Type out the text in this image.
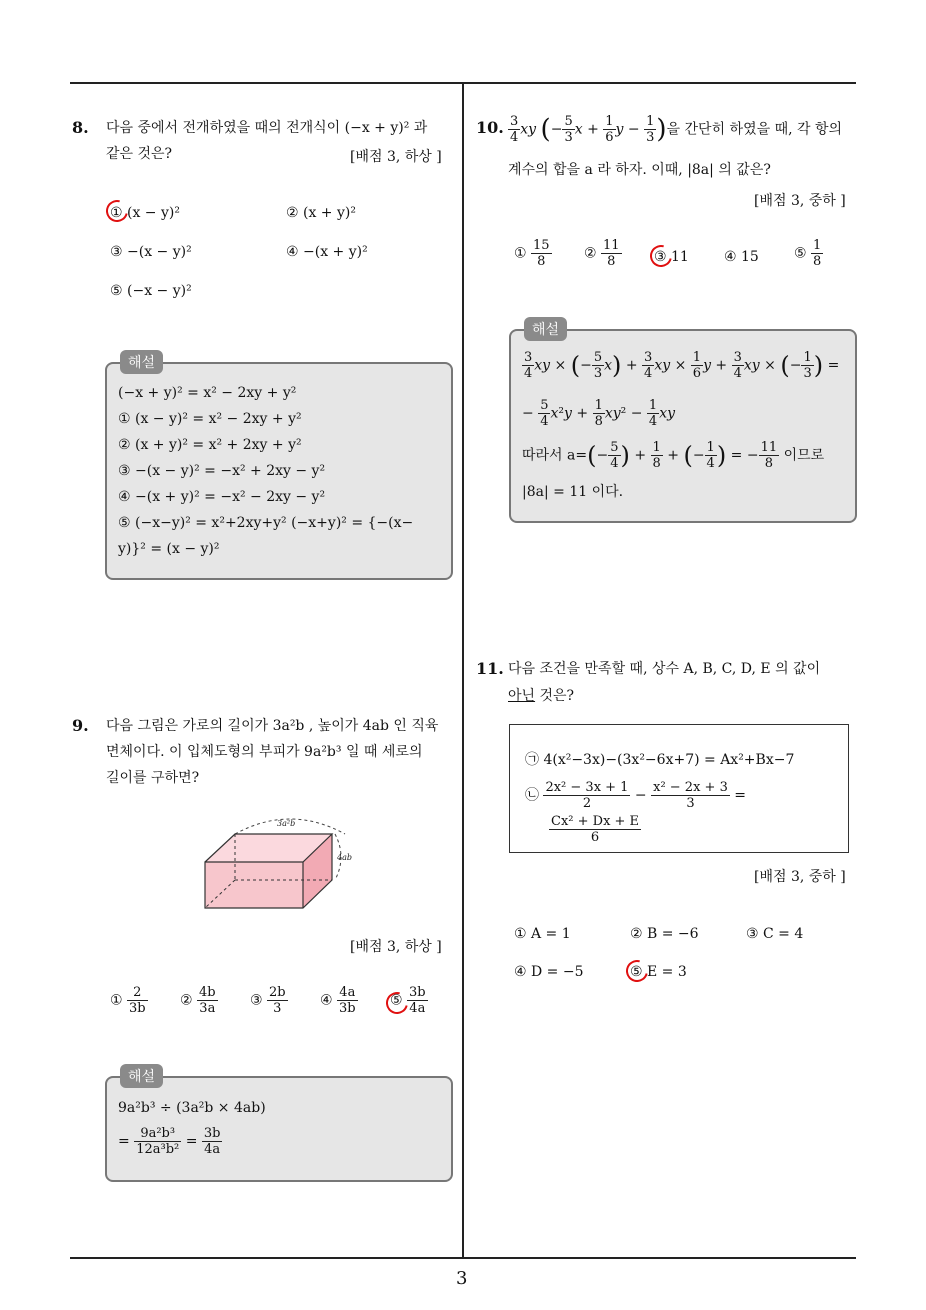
3
8. 다음 중에서 전개하였을 때의 전개식이 (−x + y)² 과
같은 것은?	[배점 3, 하상 ]
① (x − y)²	② (x + y)²
③ −(x − y)²	④ −(x + y)²
⑤ (−x − y)²
해설
(−x + y)² = x² − 2xy + y²
① (x − y)² = x² − 2xy + y²
② (x + y)² = x² + 2xy + y²
③ −(x − y)² = −x² + 2xy − y²
④ −(x + y)² = −x² − 2xy − y²
⑤ (−x−y)² = x²+2xy+y² (−x+y)² = {−(x−
y)}² = (x − y)²
9. 다음 그림은 가로의 길이가 3a²b , 높이가 4ab 인 직육
면체이다. 이 입체도형의 부피가 9a²b³ 일 때 세로의
길이를 구하면?
3a²b
4ab
[배점 3, 하상 ]
① $\frac{2}{3b}$ ② $\frac{4b}{3a}$ ③ $\frac{2b}{3}$ ④ $\frac{4a}{3b}$ ⑤ $\frac{3b}{4a}$
해설
9a²b³ ÷ (3a²b × 4ab)
= $\frac{\text{9a²b³}}{\text{12a³b²}} = \frac{3b}{4a}$
10. $\frac{3}{4}$ xy (− $\frac{5}{3}$ $x + \frac{1}{6}$ $y - \frac{1}{3}$ )을 간단히 하였을 때, 각 항의
계수의 합을 a 라 하자. 이때, |8a| 의 값은?
[배점 3, 중하 ]
① $\frac{15}{8}$ ② $\frac{11}{8}$ ③ 11	④ 15	⑤ $\frac{1}{8}$
해설
$\frac{3}{4}$ xy × (− $\frac{5}{3} x) + \frac{3}{4}$ xy × $\frac{1}{6}$ $y + \frac{3}{4}$ xy × (− $\frac{1}{3}$ ) =
− $\frac{5}{4} x^2y + \frac{1}{8} xy^2 - \frac{1}{4}$ xy
따라서 $a=(- \frac{5}{4}$ ) + $\frac{1}{8}$ + (− $\frac{1}{4}$ ) = − $\frac{11}{8}$ 이므로
|8a| = 11 이다.
11. 다음 조건을 만족할 때, 상수 A, B, C, D, E 의 값이
아닌 것은?
㉠ 4(x²−3x)−(3x²−6x+7) = Ax²+Bx−7
㉡ $\frac{\text{2x² − 3x + 1}}{2} - \frac{\text{x² − 2x + 3}}{3}$ =
$\frac{\text{Cx² + Dx + E}}{6}$
[배점 3, 중하 ]
① A = 1	② B = −6	③ C = 4
④ D = −5	⑤ E = 3
